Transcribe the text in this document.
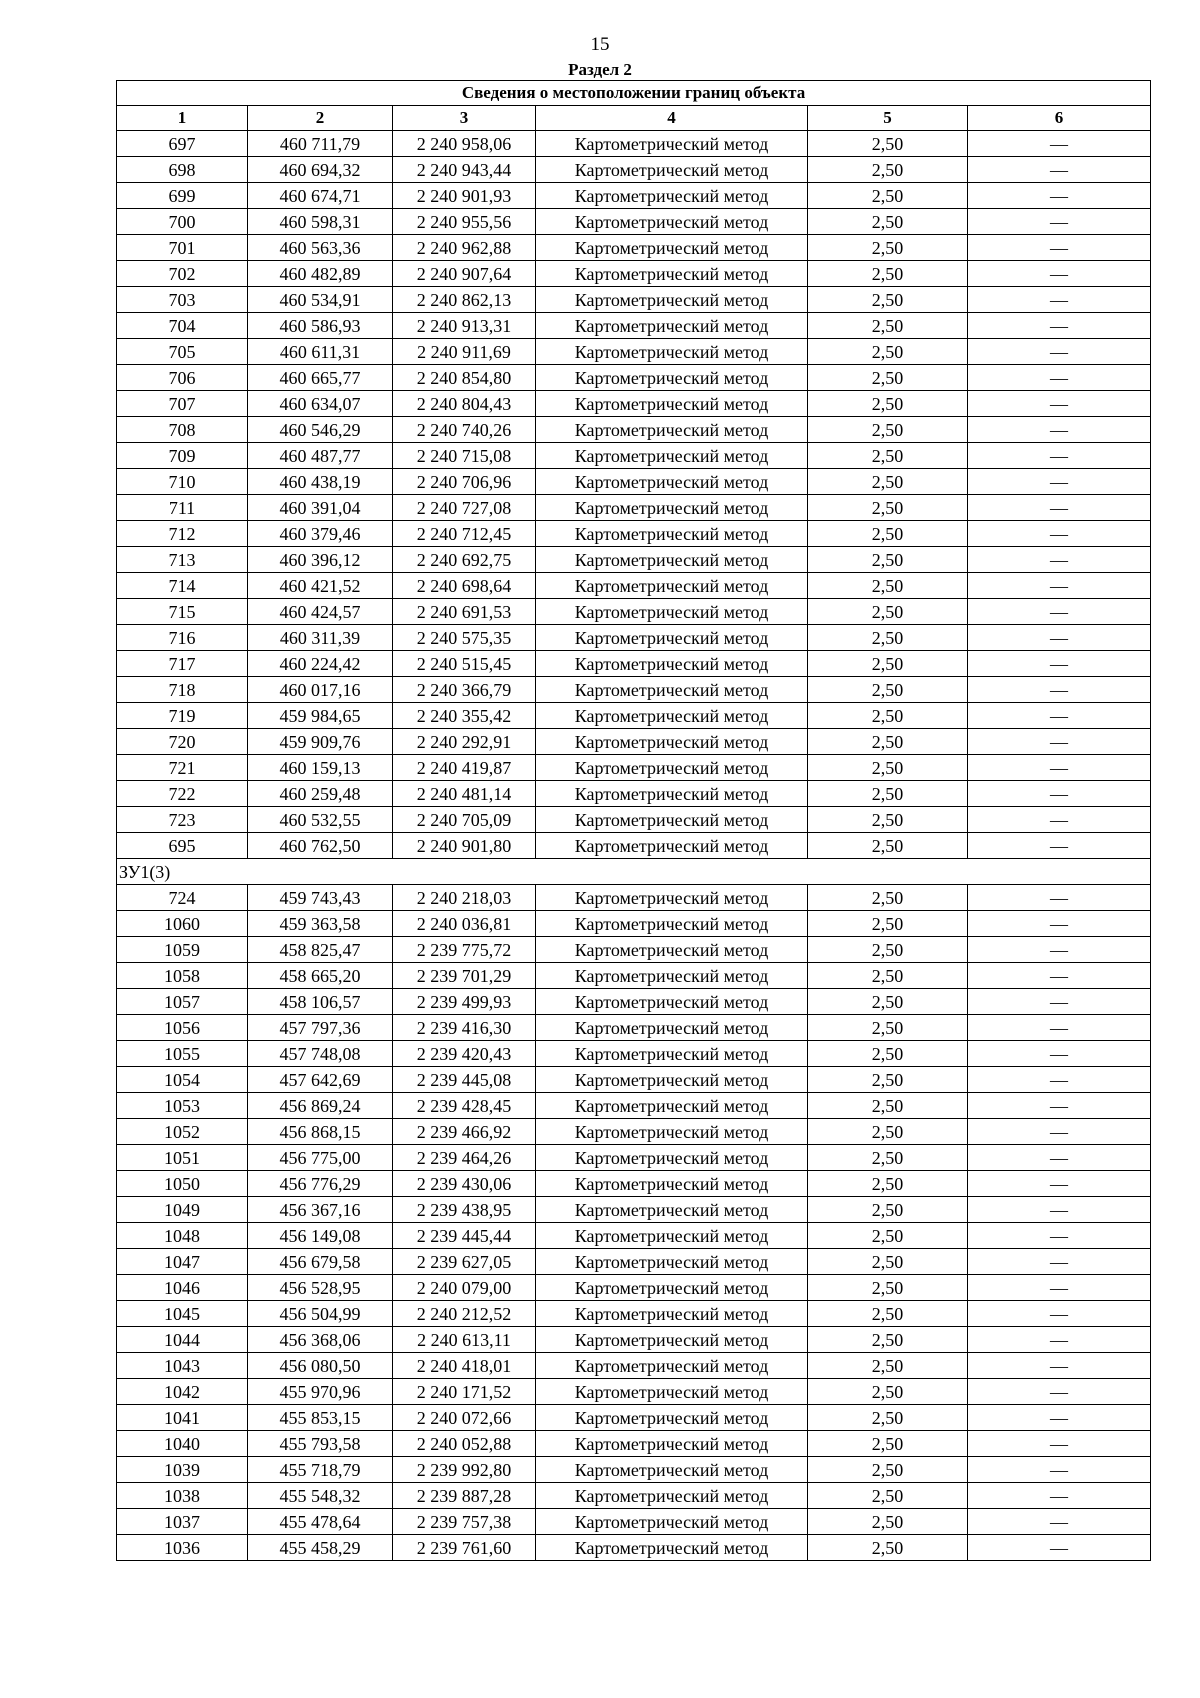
15
Раздел 2
Сведения о местоположении границ объекта					
1	2	3	4	5	6
697	460 711,79	2 240 958,06	Картометрический метод	2,50	—
698	460 694,32	2 240 943,44	Картометрический метод	2,50	—
699	460 674,71	2 240 901,93	Картометрический метод	2,50	—
700	460 598,31	2 240 955,56	Картометрический метод	2,50	—
701	460 563,36	2 240 962,88	Картометрический метод	2,50	—
702	460 482,89	2 240 907,64	Картометрический метод	2,50	—
703	460 534,91	2 240 862,13	Картометрический метод	2,50	—
704	460 586,93	2 240 913,31	Картометрический метод	2,50	—
705	460 611,31	2 240 911,69	Картометрический метод	2,50	—
706	460 665,77	2 240 854,80	Картометрический метод	2,50	—
707	460 634,07	2 240 804,43	Картометрический метод	2,50	—
708	460 546,29	2 240 740,26	Картометрический метод	2,50	—
709	460 487,77	2 240 715,08	Картометрический метод	2,50	—
710	460 438,19	2 240 706,96	Картометрический метод	2,50	—
711	460 391,04	2 240 727,08	Картометрический метод	2,50	—
712	460 379,46	2 240 712,45	Картометрический метод	2,50	—
713	460 396,12	2 240 692,75	Картометрический метод	2,50	—
714	460 421,52	2 240 698,64	Картометрический метод	2,50	—
715	460 424,57	2 240 691,53	Картометрический метод	2,50	—
716	460 311,39	2 240 575,35	Картометрический метод	2,50	—
717	460 224,42	2 240 515,45	Картометрический метод	2,50	—
718	460 017,16	2 240 366,79	Картометрический метод	2,50	—
719	459 984,65	2 240 355,42	Картометрический метод	2,50	—
720	459 909,76	2 240 292,91	Картометрический метод	2,50	—
721	460 159,13	2 240 419,87	Картометрический метод	2,50	—
722	460 259,48	2 240 481,14	Картометрический метод	2,50	—
723	460 532,55	2 240 705,09	Картометрический метод	2,50	—
695	460 762,50	2 240 901,80	Картометрический метод	2,50	—
ЗУ1(3)					
724	459 743,43	2 240 218,03	Картометрический метод	2,50	—
1060	459 363,58	2 240 036,81	Картометрический метод	2,50	—
1059	458 825,47	2 239 775,72	Картометрический метод	2,50	—
1058	458 665,20	2 239 701,29	Картометрический метод	2,50	—
1057	458 106,57	2 239 499,93	Картометрический метод	2,50	—
1056	457 797,36	2 239 416,30	Картометрический метод	2,50	—
1055	457 748,08	2 239 420,43	Картометрический метод	2,50	—
1054	457 642,69	2 239 445,08	Картометрический метод	2,50	—
1053	456 869,24	2 239 428,45	Картометрический метод	2,50	—
1052	456 868,15	2 239 466,92	Картометрический метод	2,50	—
1051	456 775,00	2 239 464,26	Картометрический метод	2,50	—
1050	456 776,29	2 239 430,06	Картометрический метод	2,50	—
1049	456 367,16	2 239 438,95	Картометрический метод	2,50	—
1048	456 149,08	2 239 445,44	Картометрический метод	2,50	—
1047	456 679,58	2 239 627,05	Картометрический метод	2,50	—
1046	456 528,95	2 240 079,00	Картометрический метод	2,50	—
1045	456 504,99	2 240 212,52	Картометрический метод	2,50	—
1044	456 368,06	2 240 613,11	Картометрический метод	2,50	—
1043	456 080,50	2 240 418,01	Картометрический метод	2,50	—
1042	455 970,96	2 240 171,52	Картометрический метод	2,50	—
1041	455 853,15	2 240 072,66	Картометрический метод	2,50	—
1040	455 793,58	2 240 052,88	Картометрический метод	2,50	—
1039	455 718,79	2 239 992,80	Картометрический метод	2,50	—
1038	455 548,32	2 239 887,28	Картометрический метод	2,50	—
1037	455 478,64	2 239 757,38	Картометрический метод	2,50	—
1036	455 458,29	2 239 761,60	Картометрический метод	2,50	—
